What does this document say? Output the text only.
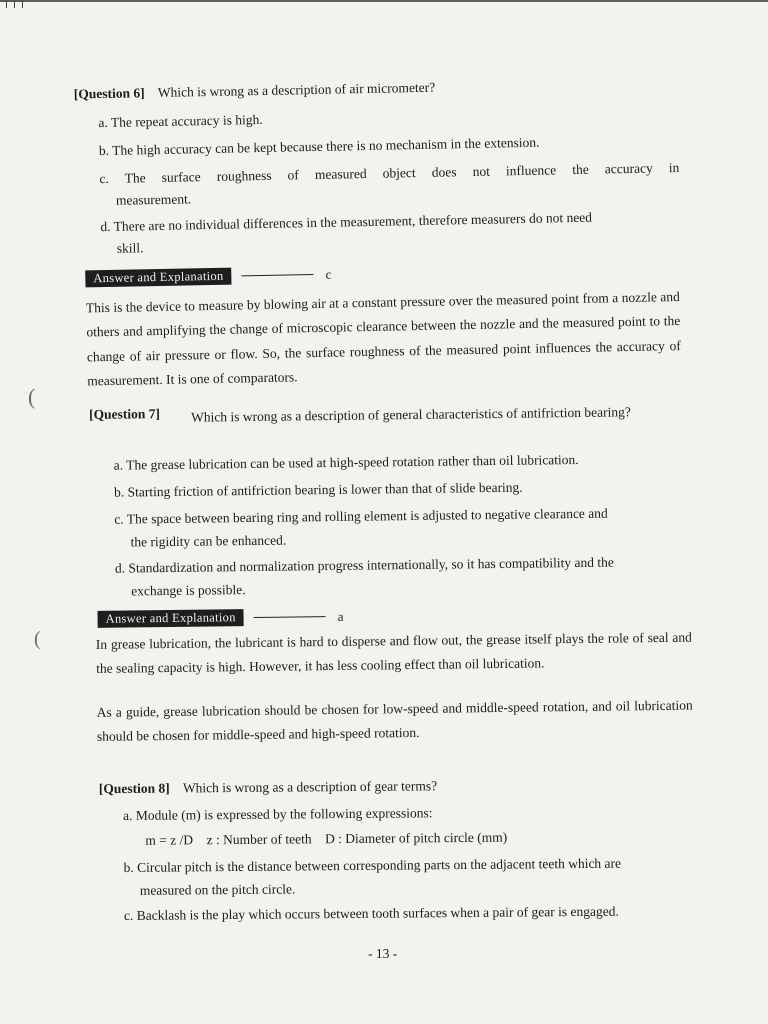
[Question 6] Which is wrong as a description of air micrometer?
a. The repeat accuracy is high.
b. The high accuracy can be kept because there is no mechanism in the extension.
c. The surface roughness of measured object does not influence the accuracy in
measurement.
d. There are no individual differences in the measurement, therefore measurers do not need
skill.
Answer and Explanation	c
This is the device to measure by blowing air at a constant pressure over the measured point from a nozzle and others and amplifying the change of microscopic clearance between the nozzle and the measured point to the change of air pressure or flow. So, the surface roughness of the measured point influences the accuracy of measurement. It is one of comparators.
(
[Question 7] Which is wrong as a description of general characteristics of antifriction bearing?
a. The grease lubrication can be used at high-speed rotation rather than oil lubrication.
b. Starting friction of antifriction bearing is lower than that of slide bearing.
c. The space between bearing ring and rolling element is adjusted to negative clearance and
the rigidity can be enhanced.
d. Standardization and normalization progress internationally, so it has compatibility and the
exchange is possible.
Answer and Explanation	a
In grease lubrication, the lubricant is hard to disperse and flow out, the grease itself plays the role of seal and the sealing capacity is high. However, it has less cooling effect than oil lubrication.
As a guide, grease lubrication should be chosen for low-speed and middle-speed rotation, and oil lubrication should be chosen for middle-speed and high-speed rotation.
(
[Question 8] Which is wrong as a description of gear terms?
a. Module (m) is expressed by the following expressions:
m = z /D    z : Number of teeth    D : Diameter of pitch circle (mm)
b. Circular pitch is the distance between corresponding parts on the adjacent teeth which are
measured on the pitch circle.
c. Backlash is the play which occurs between tooth surfaces when a pair of gear is engaged.
- 13 -
